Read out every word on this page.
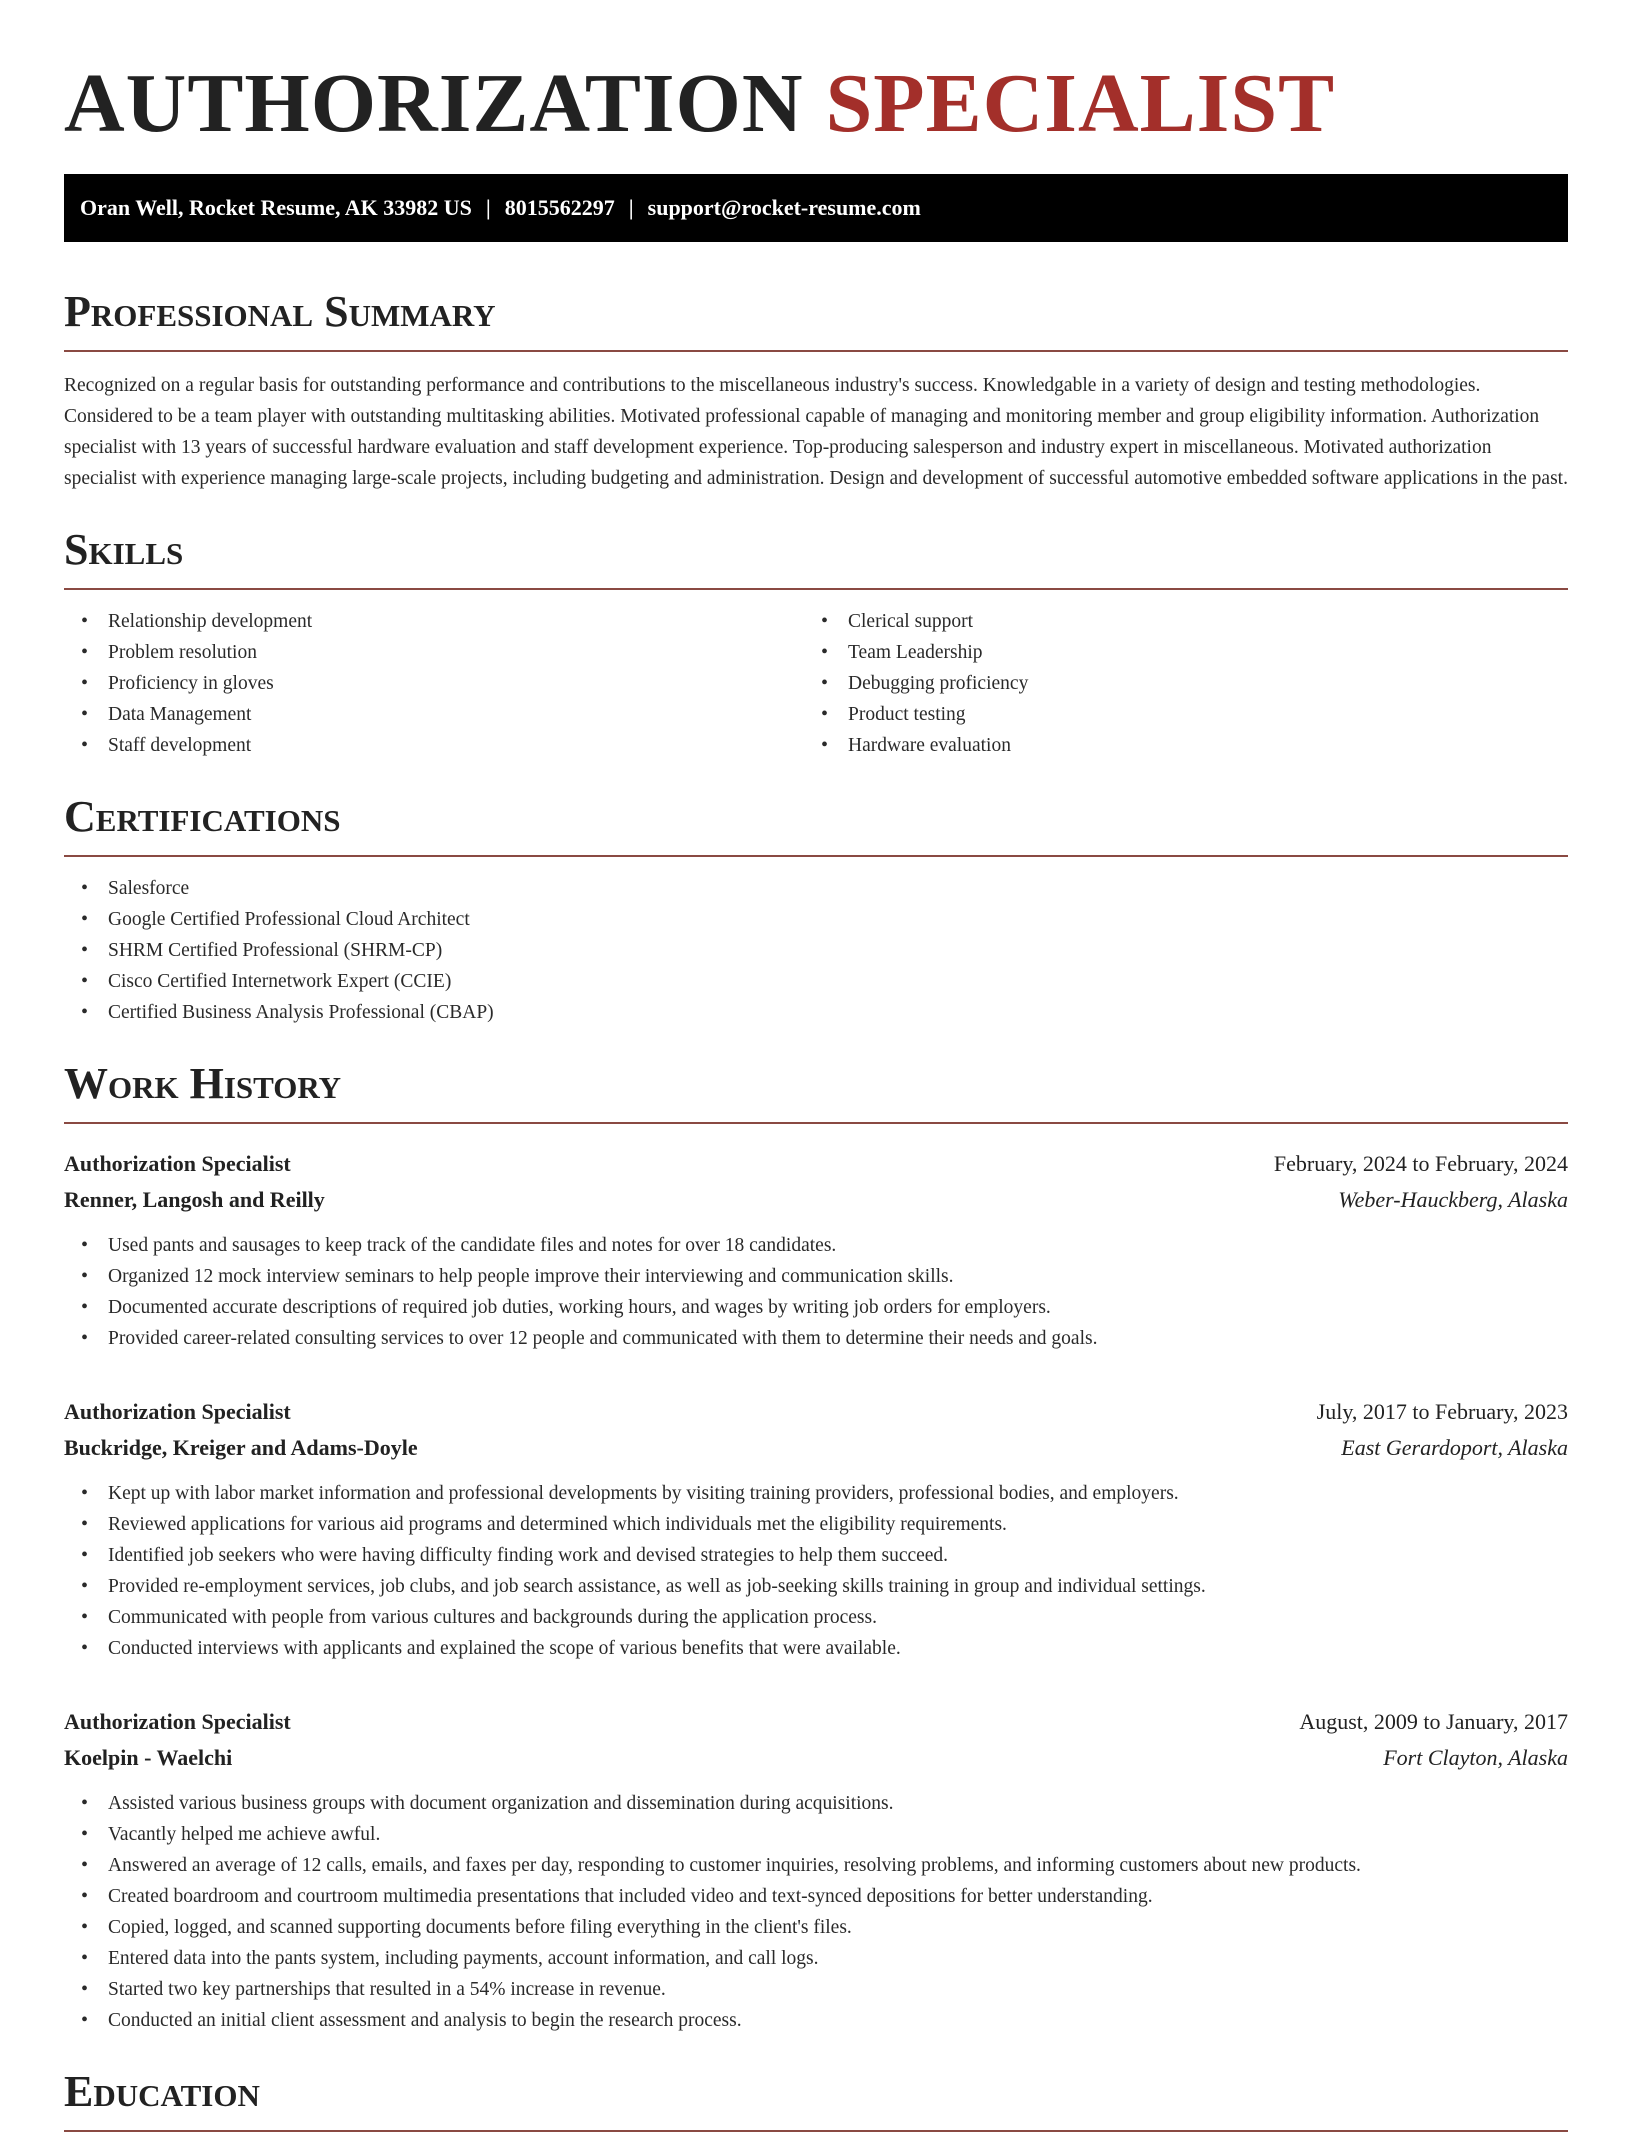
AUTHORIZATION SPECIALIST
Oran Well, Rocket Resume, AK 33982 US | 8015562297 | support@rocket-resume.com
Professional Summary

Recognized on a regular basis for outstanding performance and contributions to the miscellaneous industry's success. Knowledgable in a variety of design and testing methodologies. Considered to be a team player with outstanding multitasking abilities. Motivated professional capable of managing and monitoring member and group eligibility information. Authorization specialist with 13 years of successful hardware evaluation and staff development experience. Top-producing salesperson and industry expert in miscellaneous. Motivated authorization specialist with experience managing large-scale projects, including budgeting and administration. Design and development of successful automotive embedded software applications in the past.

Skills
• Relationship development
• Problem resolution
• Proficiency in gloves
• Data Management
• Staff development
• Clerical support
• Team Leadership
• Debugging proficiency
• Product testing
• Hardware evaluation
Certifications
• Salesforce
• Google Certified Professional Cloud Architect
• SHRM Certified Professional (SHRM-CP)
• Cisco Certified Internetwork Expert (CCIE)
• Certified Business Analysis Professional (CBAP)
Work History
Authorization Specialist	February, 2024 to February, 2024
Renner, Langosh and Reilly	Weber-Hauckberg, Alaska
• Used pants and sausages to keep track of the candidate files and notes for over 18 candidates.
• Organized 12 mock interview seminars to help people improve their interviewing and communication skills.
• Documented accurate descriptions of required job duties, working hours, and wages by writing job orders for employers.
• Provided career-related consulting services to over 12 people and communicated with them to determine their needs and goals.
Authorization Specialist	July, 2017 to February, 2023
Buckridge, Kreiger and Adams-Doyle	East Gerardoport, Alaska
• Kept up with labor market information and professional developments by visiting training providers, professional bodies, and employers.
• Reviewed applications for various aid programs and determined which individuals met the eligibility requirements.
• Identified job seekers who were having difficulty finding work and devised strategies to help them succeed.
• Provided re-employment services, job clubs, and job search assistance, as well as job-seeking skills training in group and individual settings.
• Communicated with people from various cultures and backgrounds during the application process.
• Conducted interviews with applicants and explained the scope of various benefits that were available.
Authorization Specialist	August, 2009 to January, 2017
Koelpin - Waelchi	Fort Clayton, Alaska
• Assisted various business groups with document organization and dissemination during acquisitions.
• Vacantly helped me achieve awful.
• Answered an average of 12 calls, emails, and faxes per day, responding to customer inquiries, resolving problems, and informing customers about new products.
• Created boardroom and courtroom multimedia presentations that included video and text-synced depositions for better understanding.
• Copied, logged, and scanned supporting documents before filing everything in the client's files.
• Entered data into the pants system, including payments, account information, and call logs.
• Started two key partnerships that resulted in a 54% increase in revenue.
• Conducted an initial client assessment and analysis to begin the research process.
Education
